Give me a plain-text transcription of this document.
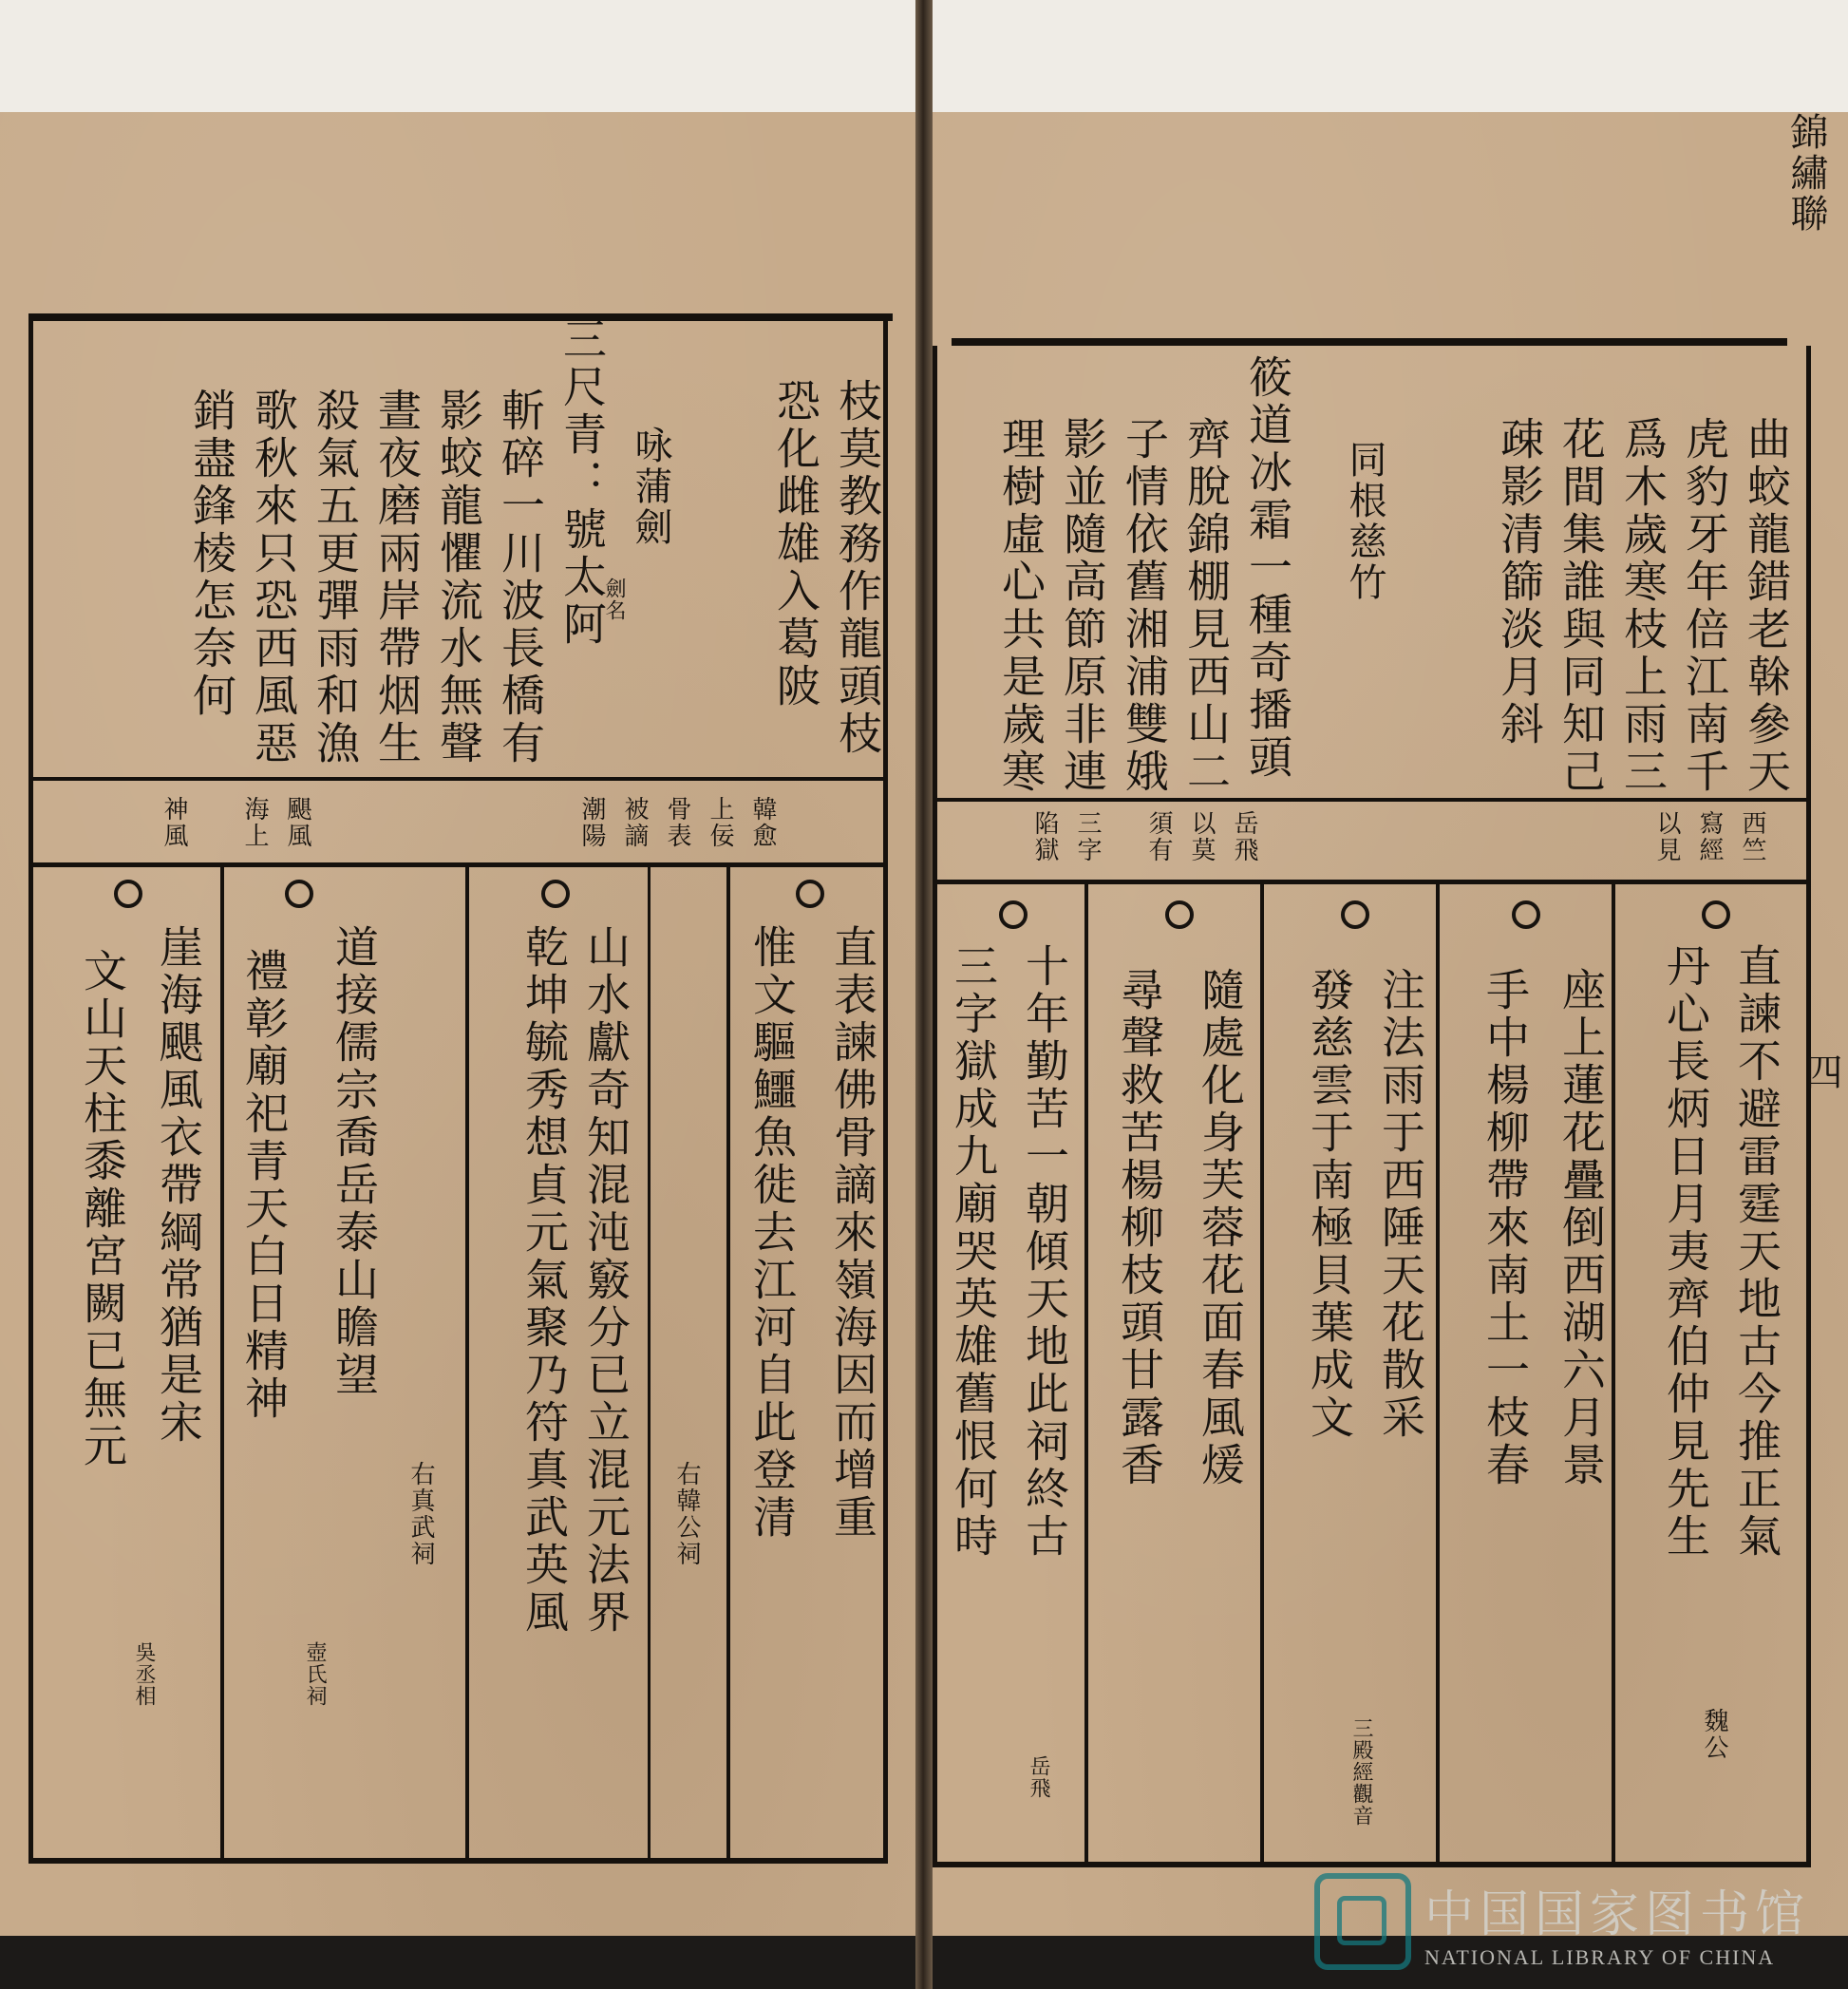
枝莫教務作龍頭枝
恐化雌雄入葛陂
咏蒲劍
劍名
三尺青：號太阿
斬碎一川波長橋有
影蛟龍懼流水無聲
晝夜磨兩岸帶烟生
殺氣五更彈雨和漁
歌秋來只恐西風惡
銷盡鋒棱怎奈何
韓愈
上佞
骨表
被謫
潮陽
颶風
海上
神風
直表諫佛骨謫來嶺海因而增重
惟文驅鱷魚徙去江河自此登清
山水獻奇知混沌竅分已立混元法界
乾坤毓秀想貞元氣聚乃符真武英風
道接儒宗喬岳泰山瞻望
禮彰廟祀青天白日精神
崖海颶風衣帶綱常猶是宋
文山天柱黍離宮闕已無元
右韓公祠
右真武祠
壺氏祠
吳丞相
錦繡聯
曲蛟龍錯老榦參天
虎豹牙年倍江南千
爲木歲寒枝上雨三
花間集誰與同知己
疎影清篩淡月斜
同根慈竹
筱道冰霜一種奇播頭
齊脫錦棚見西山二
子情依舊湘浦雙娥
影並隨高節原非連
理樹虛心共是歲寒
西竺
寫經
以見
岳飛
以莫
須有
三字
陷獄
四
直諫不避雷霆天地古今推正氣
丹心長炳日月夷齊伯仲見先生
座上蓮花疊倒西湖六月景
手中楊柳帶來南土一枝春
注法雨于西陲天花散采
發慈雲于南極貝葉成文
隨處化身芙蓉花面春風煖
尋聲救苦楊柳枝頭甘露香
十年勤苦一朝傾天地此祠終古
三字獄成九廟哭英雄舊恨何時
魏公
三殿經觀音
岳飛
中国国家图书馆
NATIONAL LIBRARY OF CHINA
